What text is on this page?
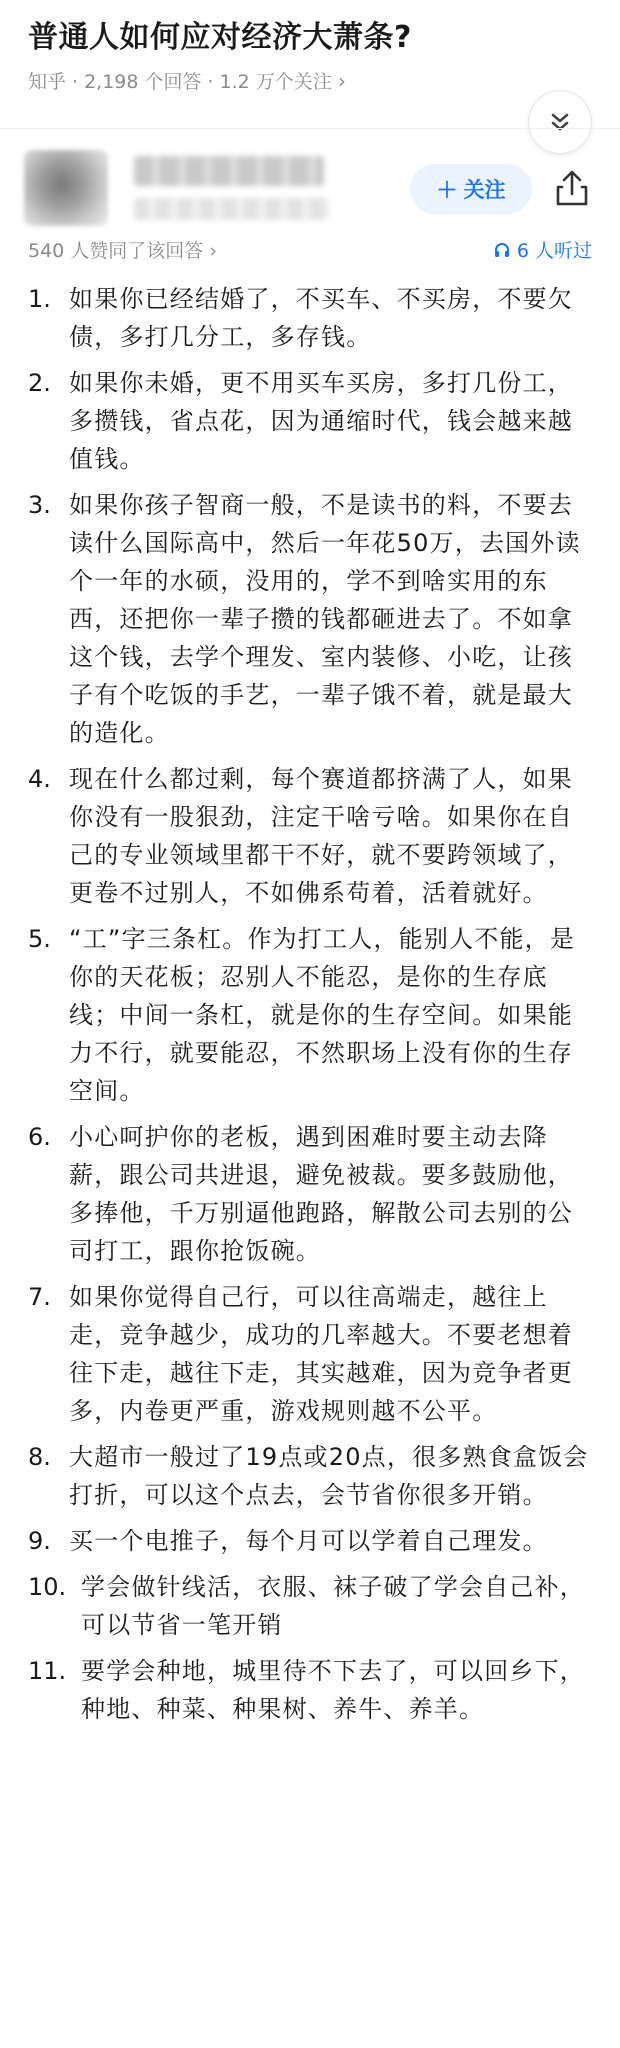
普通人如何应对经济大萧条?
知乎 · 2,198 个回答 · 1.2 万个关注 ›
＋ 关注
540 人赞同了该回答 ›	6 人听过
1. 如果你已经结婚了，不买车、不买房，不要欠债，多打几分工，多存钱。
2. 如果你未婚，更不用买车买房，多打几份工，多攒钱，省点花，因为通缩时代，钱会越来越值钱。
3. 如果你孩子智商一般，不是读书的料，不要去读什么国际高中，然后一年花50万，去国外读个一年的水硕，没用的，学不到啥实用的东西，还把你一辈子攒的钱都砸进去了。不如拿这个钱，去学个理发、室内装修、小吃，让孩子有个吃饭的手艺，一辈子饿不着，就是最大的造化。
4. 现在什么都过剩，每个赛道都挤满了人，如果你没有一股狠劲，注定干啥亏啥。如果你在自己的专业领域里都干不好，就不要跨领域了，更卷不过别人，不如佛系苟着，活着就好。
5. “工”字三条杠。作为打工人，能别人不能，是你的天花板；忍别人不能忍，是你的生存底线；中间一条杠，就是你的生存空间。如果能力不行，就要能忍，不然职场上没有你的生存空间。
6. 小心呵护你的老板，遇到困难时要主动去降薪，跟公司共进退，避免被裁。要多鼓励他，多捧他，千万别逼他跑路，解散公司去别的公司打工，跟你抢饭碗。
7. 如果你觉得自己行，可以往高端走，越往上走，竞争越少，成功的几率越大。不要老想着往下走，越往下走，其实越难，因为竞争者更多，内卷更严重，游戏规则越不公平。
8. 大超市一般过了19点或20点，很多熟食盒饭会打折，可以这个点去，会节省你很多开销。
9. 买一个电推子，每个月可以学着自己理发。
10. 学会做针线活，衣服、袜子破了学会自己补，可以节省一笔开销
11. 要学会种地，城里待不下去了，可以回乡下，种地、种菜、种果树、养牛、养羊。
